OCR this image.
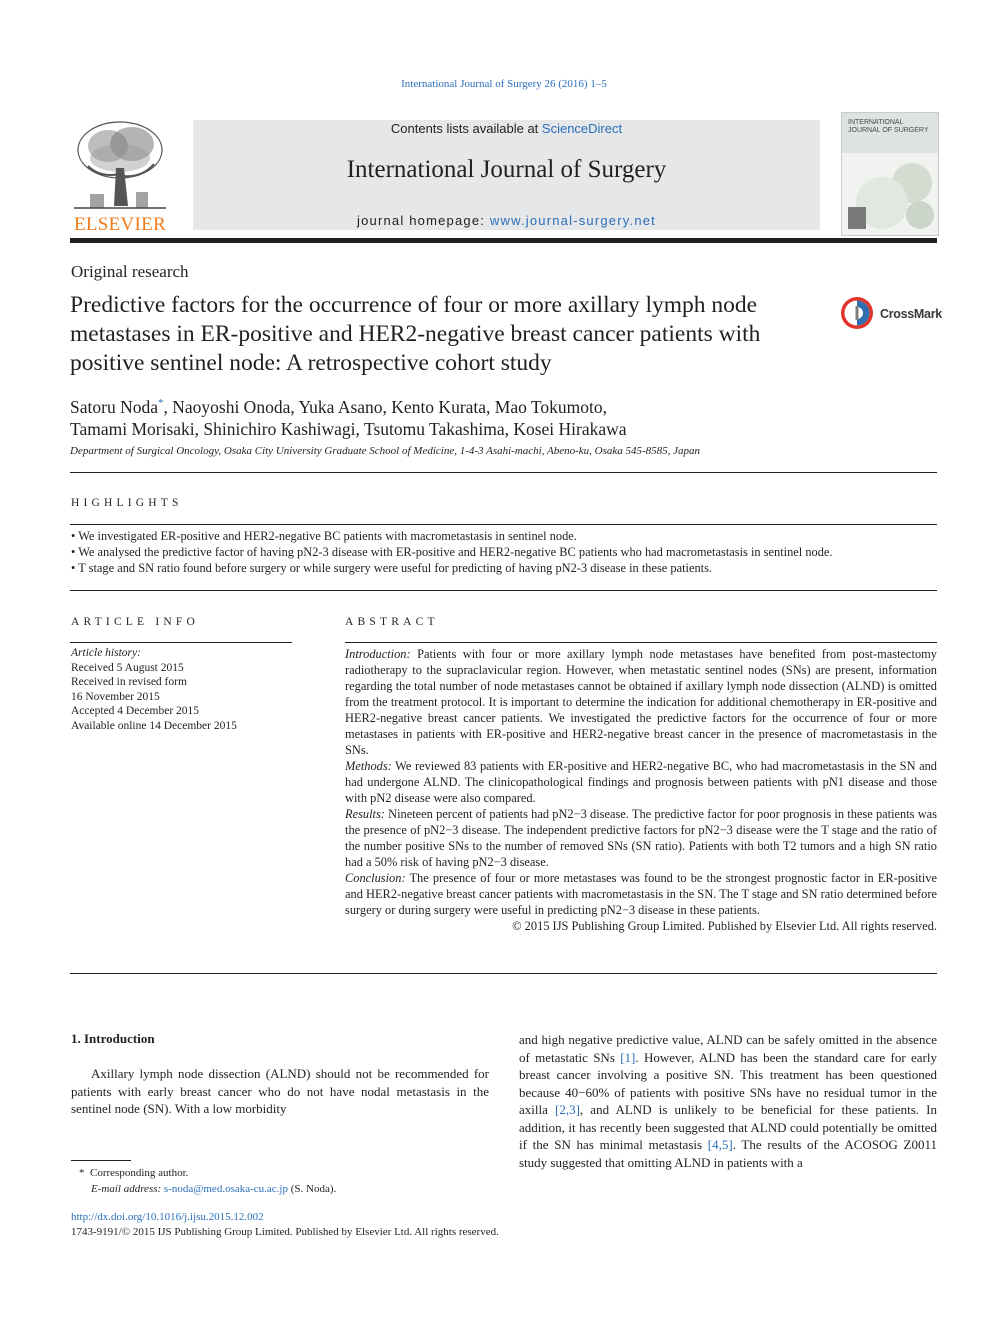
International Journal of Surgery 26 (2016) 1–5
ELSEVIER
Contents lists available at ScienceDirect
International Journal of Surgery
journal homepage: www.journal-surgery.net
INTERNATIONAL JOURNAL OF SURGERY
Original research
Predictive factors for the occurrence of four or more axillary lymph node metastases in ER-positive and HER2-negative breast cancer patients with positive sentinel node: A retrospective cohort study
CrossMark
Satoru Noda*, Naoyoshi Onoda, Yuka Asano, Kento Kurata, Mao Tokumoto,
Tamami Morisaki, Shinichiro Kashiwagi, Tsutomu Takashima, Kosei Hirakawa
Department of Surgical Oncology, Osaka City University Graduate School of Medicine, 1-4-3 Asahi-machi, Abeno-ku, Osaka 545-8585, Japan
HIGHLIGHTS
• We investigated ER-positive and HER2-negative BC patients with macrometastasis in sentinel node.
• We analysed the predictive factor of having pN2-3 disease with ER-positive and HER2-negative BC patients who had macrometastasis in sentinel node.
• T stage and SN ratio found before surgery or while surgery were useful for predicting of having pN2-3 disease in these patients.
ARTICLE INFO
Article history:
Received 5 August 2015
Received in revised form
16 November 2015
Accepted 4 December 2015
Available online 14 December 2015
ABSTRACT

Introduction: Patients with four or more axillary lymph node metastases have benefited from post-mastectomy radiotherapy to the supraclavicular region. However, when metastatic sentinel nodes (SNs) are present, information regarding the total number of node metastases cannot be obtained if axillary lymph node dissection (ALND) is omitted from the treatment protocol. It is important to determine the indication for additional chemotherapy in ER-positive and HER2-negative breast cancer patients. We investigated the predictive factors for the occurrence of four or more metastases in patients with ER-positive and HER2-negative breast cancer in the presence of macrometastasis in the SNs.

Methods: We reviewed 83 patients with ER-positive and HER2-negative BC, who had macrometastasis in the SN and had undergone ALND. The clinicopathological findings and prognosis between patients with pN1 disease and those with pN2 disease were also compared.

Results: Nineteen percent of patients had pN2−3 disease. The predictive factor for poor prognosis in these patients was the presence of pN2−3 disease. The independent predictive factors for pN2−3 disease were the T stage and the ratio of the number positive SNs to the number of removed SNs (SN ratio). Patients with both T2 tumors and a high SN ratio had a 50% risk of having pN2−3 disease.

Conclusion: The presence of four or more metastases was found to be the strongest prognostic factor in ER-positive and HER2-negative breast cancer patients with macrometastasis in the SN. The T stage and SN ratio determined before surgery or during surgery were useful in predicting pN2−3 disease in these patients.

© 2015 IJS Publishing Group Limited. Published by Elsevier Ltd. All rights reserved.

1. Introduction
Axillary lymph node dissection (ALND) should not be recommended for patients with early breast cancer who do not have nodal metastasis in the sentinel node (SN). With a low morbidity
and high negative predictive value, ALND can be safely omitted in the absence of metastatic SNs [1]. However, ALND has been the standard care for early breast cancer involving a positive SN. This treatment has been questioned because 40−60% of patients with positive SNs have no residual tumor in the axilla [2,3], and ALND is unlikely to be beneficial for these patients. In addition, it has recently been suggested that ALND could potentially be omitted if the SN has minimal metastasis [4,5]. The results of the ACOSOG Z0011 study suggested that omitting ALND in patients with a
* Corresponding author.
E-mail address: s-noda@med.osaka-cu.ac.jp (S. Noda).
http://dx.doi.org/10.1016/j.ijsu.2015.12.002
1743-9191/© 2015 IJS Publishing Group Limited. Published by Elsevier Ltd. All rights reserved.
